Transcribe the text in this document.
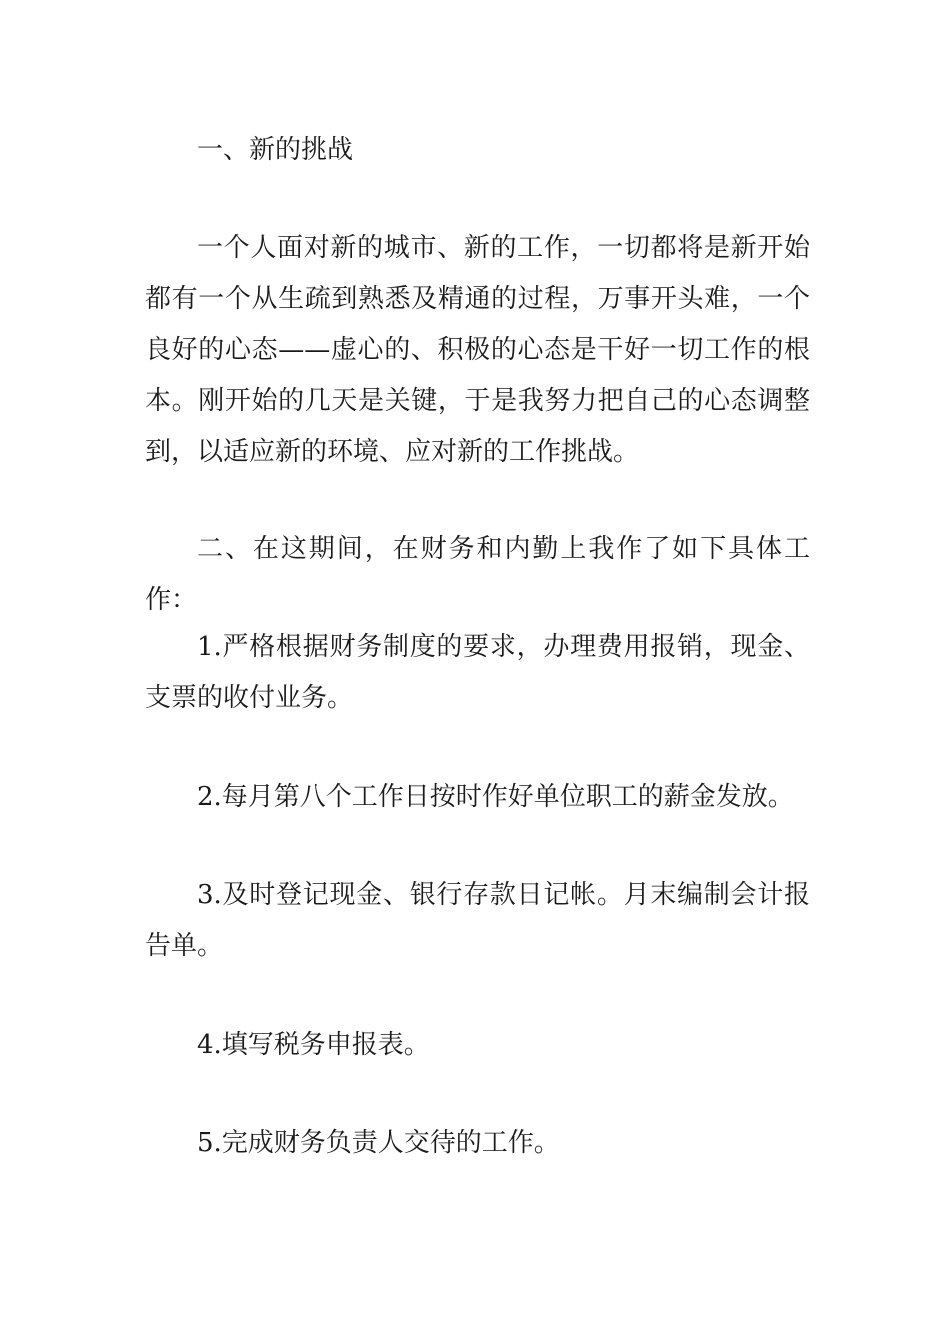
一、新的挑战

一个人面对新的城市、新的工作，一切都将是新开始都有一个从生疏到熟悉及精通的过程，万事开头难，一个良好的心态——虚心的、积极的心态是干好一切工作的根本。刚开始的几天是关键，于是我努力把自己的心态调整到，以适应新的环境、应对新的工作挑战。

二、在这期间，在财务和内勤上我作了如下具体工作：

1.严格根据财务制度的要求，办理费用报销，现金、支票的收付业务。

2.每月第八个工作日按时作好单位职工的薪金发放。

3.及时登记现金、银行存款日记帐。月末编制会计报告单。

4.填写税务申报表。

5.完成财务负责人交待的工作。
